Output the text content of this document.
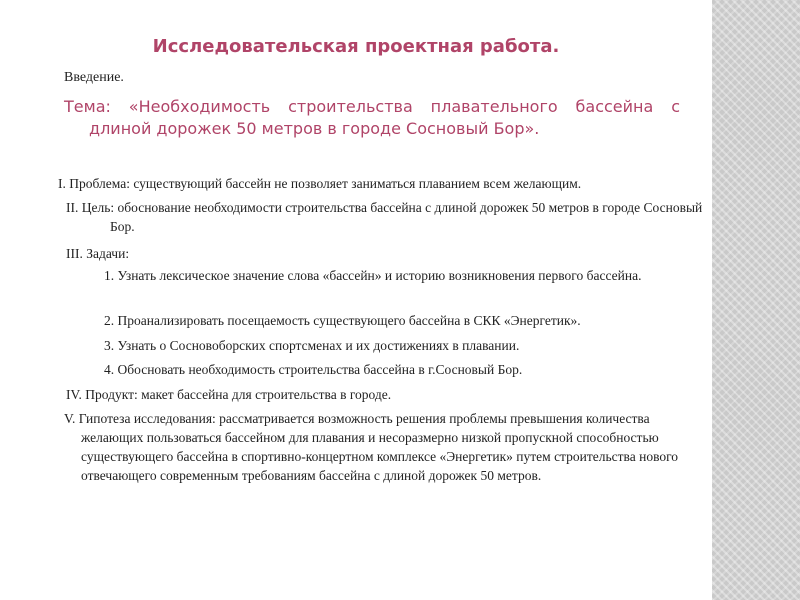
Исследовательская проектная работа.
Введение.
Тема: «Необходимость строительства плавательного бассейна с длиной дорожек 50 метров в городе Сосновый Бор».
I. Проблема: существующий бассейн не позволяет заниматься плаванием всем желающим.
II. Цель: обоснование необходимости строительства бассейна с длиной дорожек 50 метров в городе Сосновый Бор.
III. Задачи:
1. Узнать лексическое значение слова «бассейн» и историю возникновения первого бассейна.
2. Проанализировать посещаемость существующего бассейна в СКК «Энергетик».
3. Узнать о Сосновоборских спортсменах и их достижениях в плавании.
4. Обосновать необходимость строительства бассейна в г.Сосновый Бор.
IV. Продукт: макет бассейна для строительства в городе.
V. Гипотеза исследования: рассматривается возможность решения проблемы превышения количества желающих пользоваться бассейном для плавания и несоразмерно низкой пропускной способностью существующего бассейна в спортивно-концертном комплексе «Энергетик» путем строительства нового отвечающего современным требованиям бассейна с длиной дорожек 50 метров.
